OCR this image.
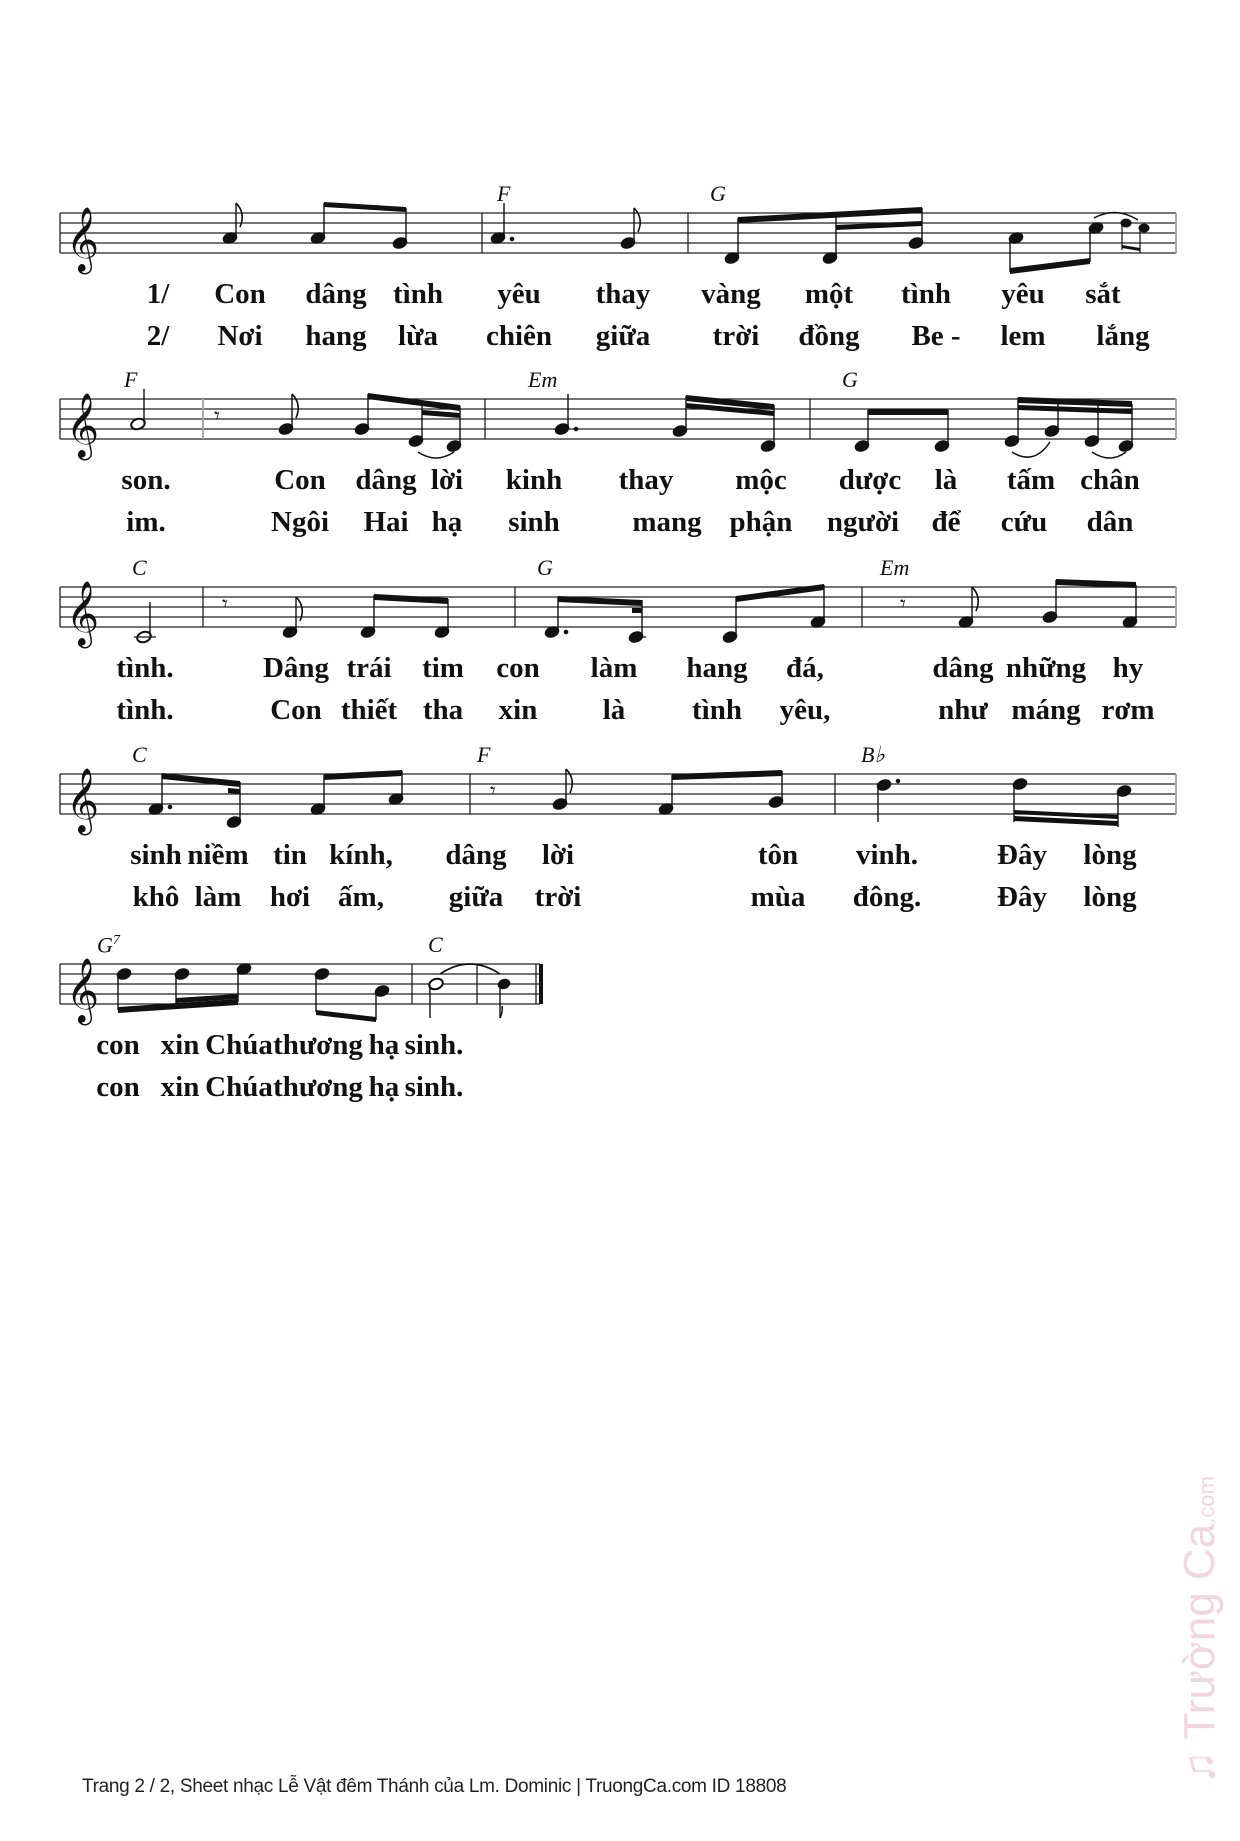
𝄞
𝄞	𝄾
𝄞	𝄾	𝄾
𝄞	𝄾
𝄞
F	G
1/ Con dâng tình yêu thay vàng một tình yêu sắt
2/ Nơi hang lừa chiên giữa trời đồng Be - lem lắng
F	Em	G
son.	Con dâng lời kinh thay mộc dược là tấm chân
im.	Ngôi Hai hạ sinh	mang phận người để cứu dân
C	G	Em
tình.	Dâng trái tim con làm hang đá,	dâng những hy
tình.	Con thiết tha xin là tình yêu,	như máng rơm
C	F	B♭
sinh niềm tin kính, dâng lời	tôn vinh.	Đây lòng
khô làm hơi ấm, giữa trời	mùa đông.	Đây lòng
$G^7$	C
con xin Chúa thương hạ sinh.
con xin Chúa thương hạ sinh.
♫ Trường Ca.com
Trang 2 / 2, Sheet nhạc Lễ Vật đêm Thánh của Lm. Dominic | TruongCa.com ID 18808
